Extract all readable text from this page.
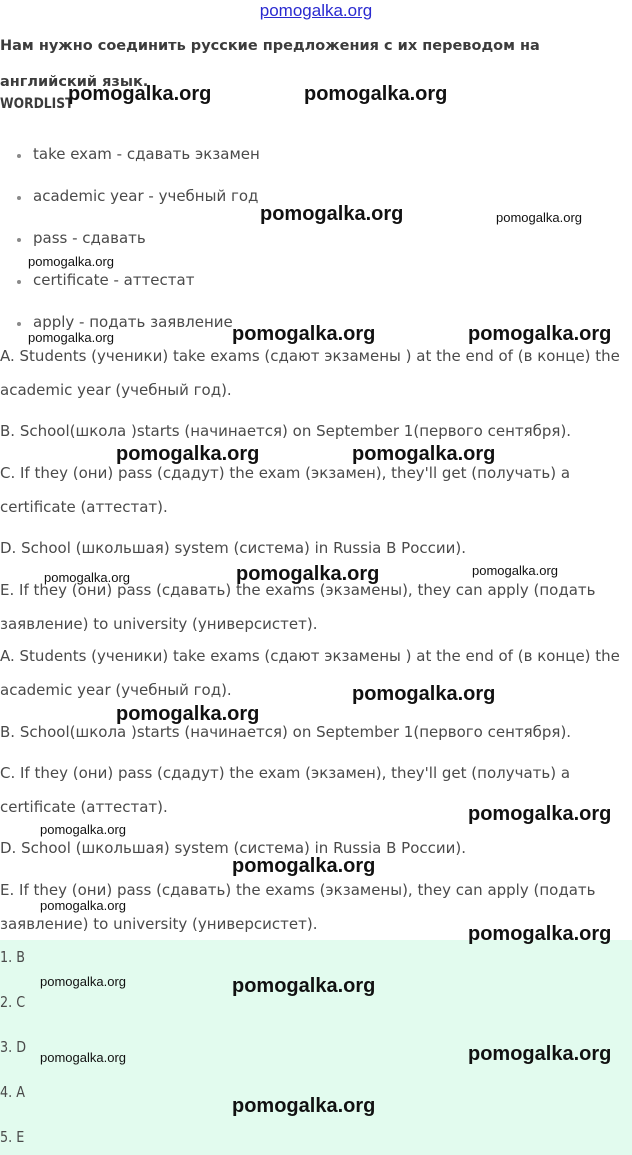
pomogalka.org
Нам нужно соединить русские предложения с их переводом на английский язык.
WORDLIST
take exam - сдавать экзамен
academic year - учебный год
pass - сдавать
certificate - аттестат
apply - подать заявление
A. Students (ученики) take exams (сдают экзамены ) at the end of (в конце) the academic year (учебный год).
B. School(школа )starts (начинается) on September 1(первого сентября).
C. If they (они) pass (сдадут) the exam (экзамен), they'll get (получать) a certificate (аттестат).
D. School (школьшая) system (система) in Russia В России).
E. If they (они) pass (сдавать) the exams (экзамены), they can apply (подать заявление) to university (универсистет).
A. Students (ученики) take exams (сдают экзамены ) at the end of (в конце) the academic year (учебный год).
B. School(школа )starts (начинается) on September 1(первого сентября).
C. If they (они) pass (сдадут) the exam (экзамен), they'll get (получать) a certificate (аттестат).
D. School (школьшая) system (система) in Russia В России).
E. If they (они) pass (сдавать) the exams (экзамены), they can apply (подать заявление) to university (универсистет).
1. B
2. C
3. D
4. A
5. E
pomogalka.org	pomogalka.org
pomogalka.org	pomogalka.org
pomogalka.org
pomogalka.org	pomogalka.org	pomogalka.org
pomogalka.org	pomogalka.org
pomogalka.org	pomogalka.org	pomogalka.org
pomogalka.org
pomogalka.org
pomogalka.org
pomogalka.org
pomogalka.org
pomogalka.org
pomogalka.org
pomogalka.org	pomogalka.org
pomogalka.org	pomogalka.org
pomogalka.org
